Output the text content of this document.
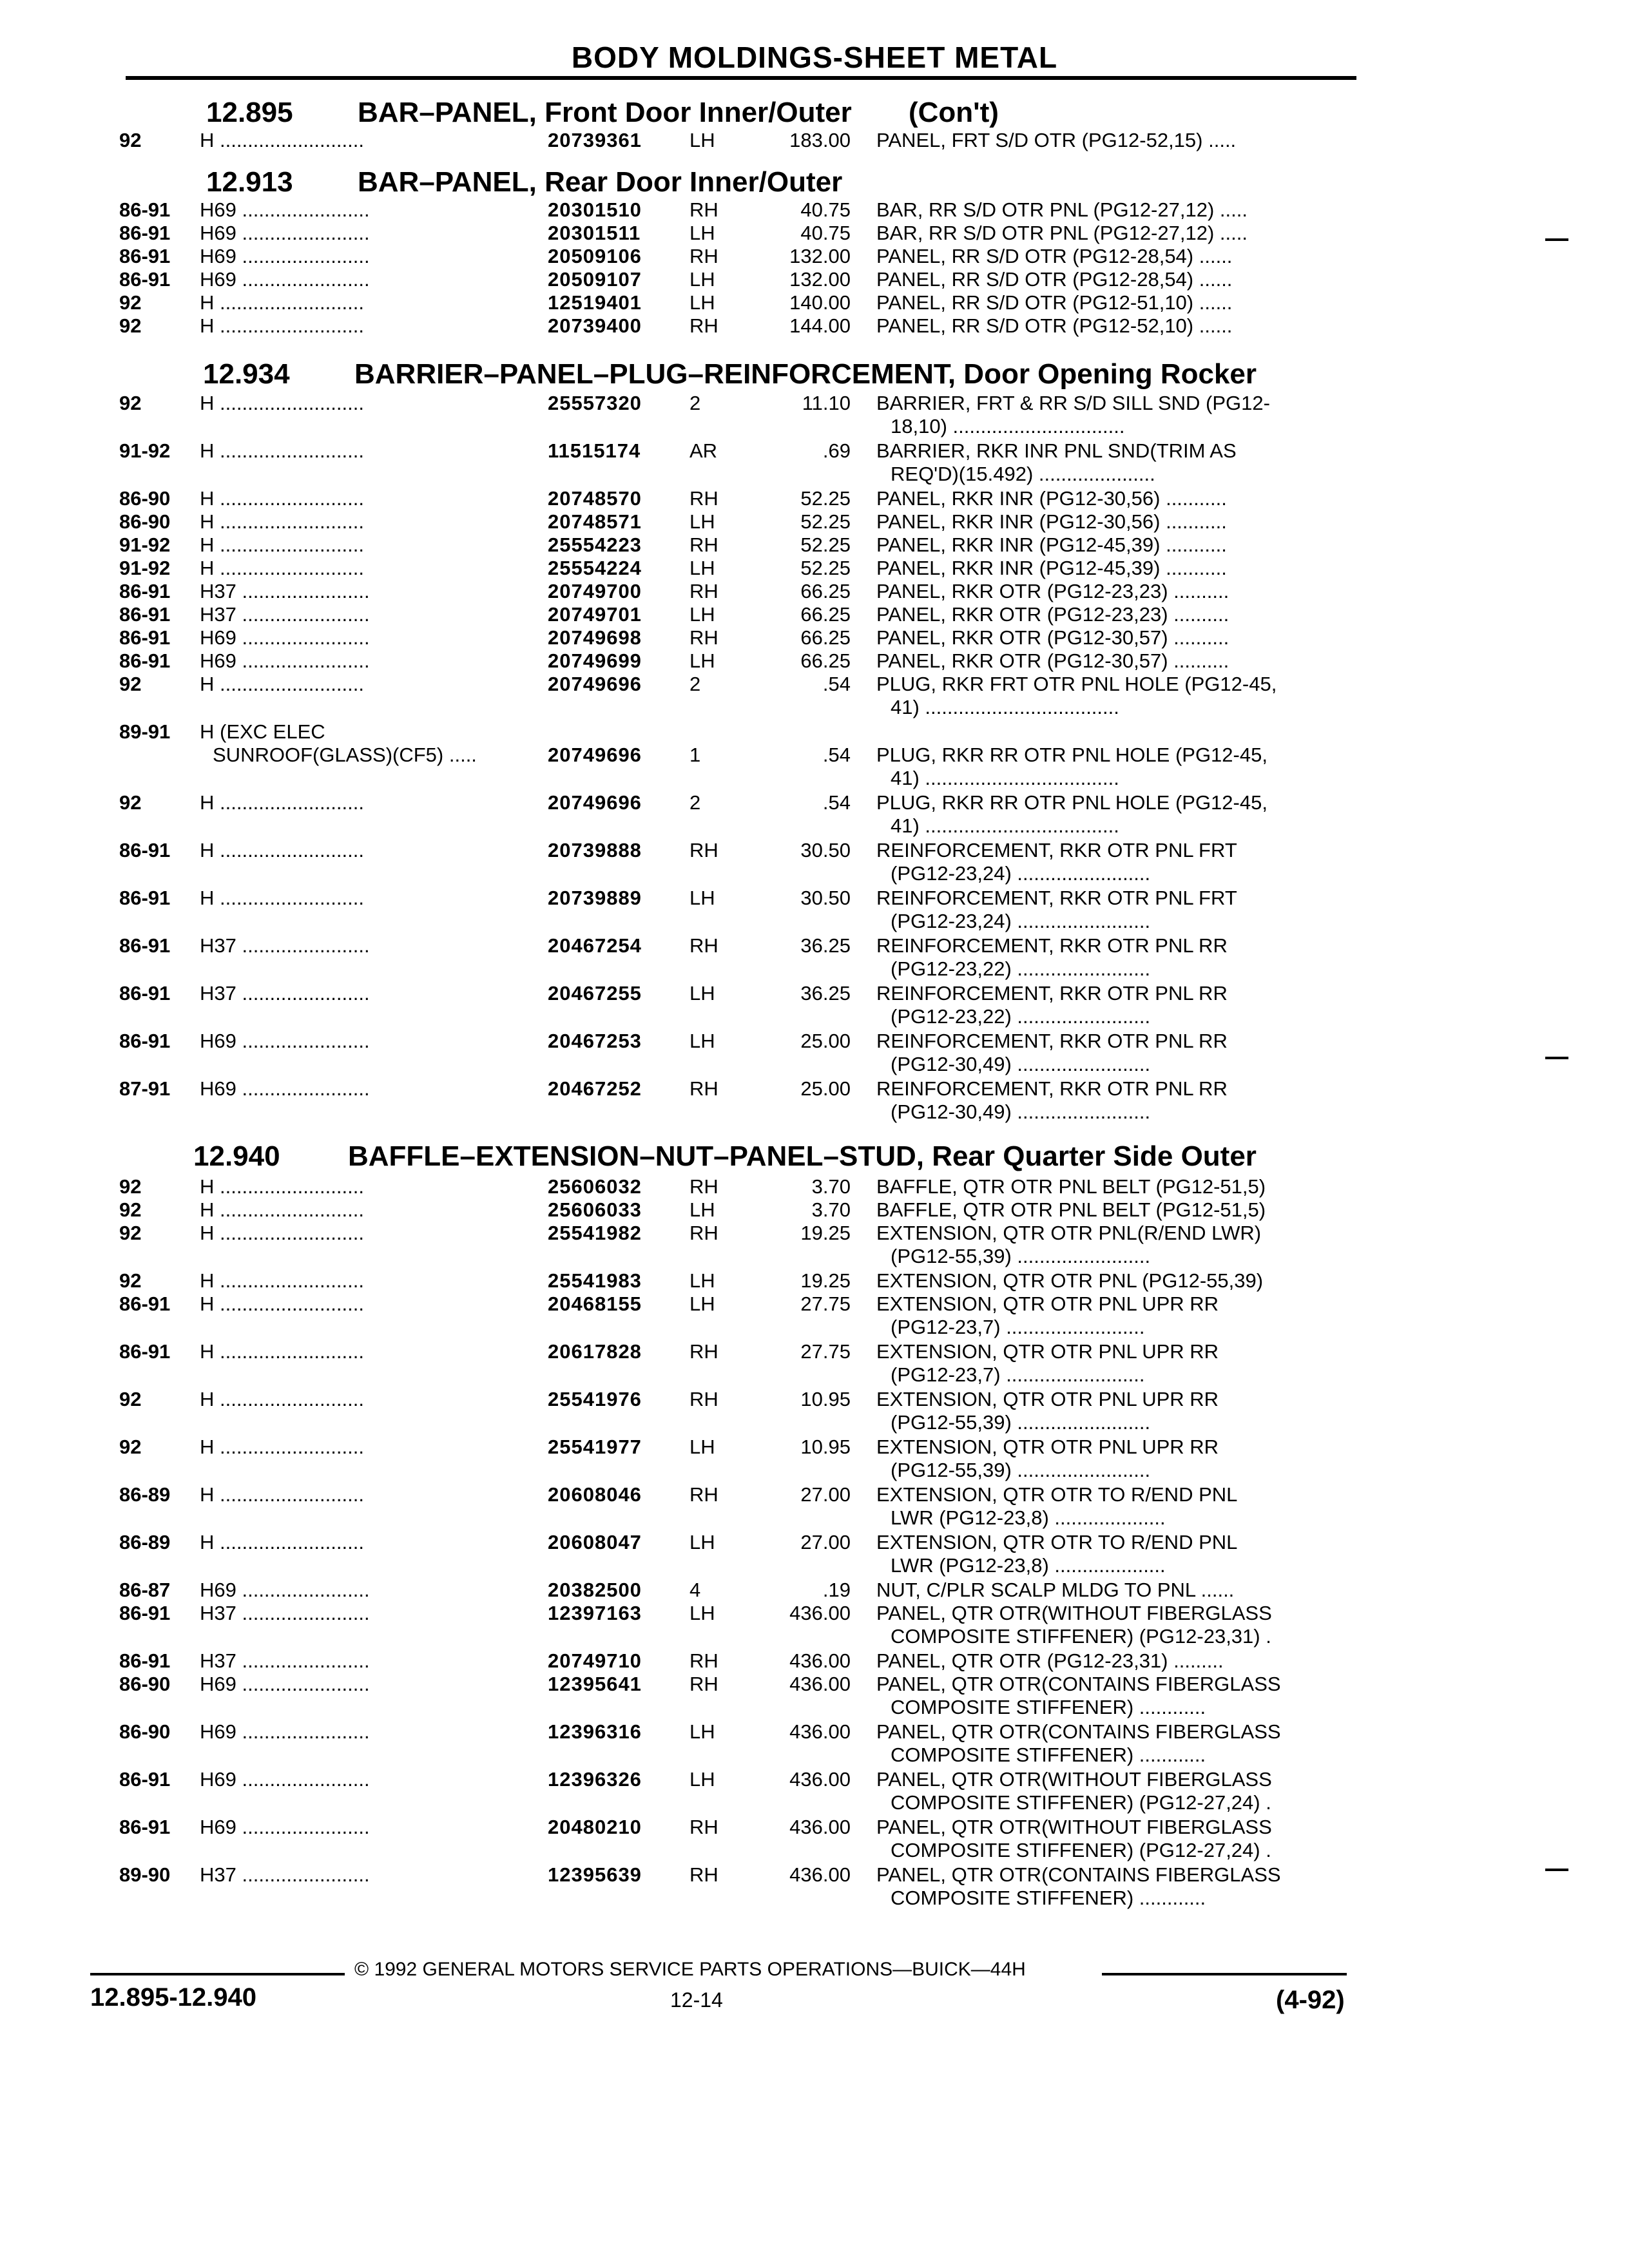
BODY MOLDINGS-SHEET METAL
12.895 BAR–PANEL, Front Door Inner/Outer (Con't)
92	H ..........................	20739361 LH	183.00 PANEL, FRT S/D OTR (PG12-52,15) .....
12.913 BAR–PANEL, Rear Door Inner/Outer
86-91 H69 .......................	20301510 RH	40.75 BAR, RR S/D OTR PNL (PG12-27,12) .....
86-91 H69 .......................	20301511 LH	40.75 BAR, RR S/D OTR PNL (PG12-27,12) .....
86-91 H69 .......................	20509106 RH	132.00 PANEL, RR S/D OTR (PG12-28,54) ......
86-91 H69 .......................	20509107 LH	132.00 PANEL, RR S/D OTR (PG12-28,54) ......
92	H ..........................	12519401 LH	140.00 PANEL, RR S/D OTR (PG12-51,10) ......
92	H ..........................	20739400 RH	144.00 PANEL, RR S/D OTR (PG12-52,10) ......
12.934 BARRIER–PANEL–PLUG–REINFORCEMENT, Door Opening Rocker
92	H ..........................	25557320 2	11.10 BARRIER, FRT & RR S/D SILL SND (PG12-
18,10) ...............................
91-92 H ..........................	11515174 AR	.69 BARRIER, RKR INR PNL SND(TRIM AS
REQ'D)(15.492) .....................
86-90 H ..........................	20748570 RH	52.25 PANEL, RKR INR (PG12-30,56) ...........
86-90 H ..........................	20748571 LH	52.25 PANEL, RKR INR (PG12-30,56) ...........
91-92 H ..........................	25554223 RH	52.25 PANEL, RKR INR (PG12-45,39) ...........
91-92 H ..........................	25554224 LH	52.25 PANEL, RKR INR (PG12-45,39) ...........
86-91 H37 .......................	20749700 RH	66.25 PANEL, RKR OTR (PG12-23,23) ..........
86-91 H37 .......................	20749701 LH	66.25 PANEL, RKR OTR (PG12-23,23) ..........
86-91 H69 .......................	20749698 RH	66.25 PANEL, RKR OTR (PG12-30,57) ..........
86-91 H69 .......................	20749699 LH	66.25 PANEL, RKR OTR (PG12-30,57) ..........
92	H ..........................	20749696 2	.54 PLUG, RKR FRT OTR PNL HOLE (PG12-45,
41) ...................................
89-91 H (EXC ELEC
SUNROOF(GLASS)(CF5) .....	20749696 1	.54 PLUG, RKR RR OTR PNL HOLE (PG12-45,
41) ...................................
92	H ..........................	20749696 2	.54 PLUG, RKR RR OTR PNL HOLE (PG12-45,
41) ...................................
86-91 H ..........................	20739888 RH	30.50 REINFORCEMENT, RKR OTR PNL FRT
(PG12-23,24) ........................
86-91 H ..........................	20739889 LH	30.50 REINFORCEMENT, RKR OTR PNL FRT
(PG12-23,24) ........................
86-91 H37 .......................	20467254 RH	36.25 REINFORCEMENT, RKR OTR PNL RR
(PG12-23,22) ........................
86-91 H37 .......................	20467255 LH	36.25 REINFORCEMENT, RKR OTR PNL RR
(PG12-23,22) ........................
86-91 H69 .......................	20467253 LH	25.00 REINFORCEMENT, RKR OTR PNL RR
(PG12-30,49) ........................
87-91 H69 .......................	20467252 RH	25.00 REINFORCEMENT, RKR OTR PNL RR
(PG12-30,49) ........................
12.940 BAFFLE–EXTENSION–NUT–PANEL–STUD, Rear Quarter Side Outer
92	H ..........................	25606032 RH	3.70 BAFFLE, QTR OTR PNL BELT (PG12-51,5)
92	H ..........................	25606033 LH	3.70 BAFFLE, QTR OTR PNL BELT (PG12-51,5)
92	H ..........................	25541982 RH	19.25 EXTENSION, QTR OTR PNL(R/END LWR)
(PG12-55,39) ........................
92	H ..........................	25541983 LH	19.25 EXTENSION, QTR OTR PNL (PG12-55,39)
86-91 H ..........................	20468155 LH	27.75 EXTENSION, QTR OTR PNL UPR RR
(PG12-23,7) .........................
86-91 H ..........................	20617828 RH	27.75 EXTENSION, QTR OTR PNL UPR RR
(PG12-23,7) .........................
92	H ..........................	25541976 RH	10.95 EXTENSION, QTR OTR PNL UPR RR
(PG12-55,39) ........................
92	H ..........................	25541977 LH	10.95 EXTENSION, QTR OTR PNL UPR RR
(PG12-55,39) ........................
86-89 H ..........................	20608046 RH	27.00 EXTENSION, QTR OTR TO R/END PNL
LWR (PG12-23,8) ....................
86-89 H ..........................	20608047 LH	27.00 EXTENSION, QTR OTR TO R/END PNL
LWR (PG12-23,8) ....................
86-87 H69 .......................	20382500 4	.19 NUT, C/PLR SCALP MLDG TO PNL ......
86-91 H37 .......................	12397163 LH	436.00 PANEL, QTR OTR(WITHOUT FIBERGLASS
COMPOSITE STIFFENER) (PG12-23,31) .
86-91 H37 .......................	20749710 RH	436.00 PANEL, QTR OTR (PG12-23,31) .........
86-90 H69 .......................	12395641 RH	436.00 PANEL, QTR OTR(CONTAINS FIBERGLASS
COMPOSITE STIFFENER) ............
86-90 H69 .......................	12396316 LH	436.00 PANEL, QTR OTR(CONTAINS FIBERGLASS
COMPOSITE STIFFENER) ............
86-91 H69 .......................	12396326 LH	436.00 PANEL, QTR OTR(WITHOUT FIBERGLASS
COMPOSITE STIFFENER) (PG12-27,24) .
86-91 H69 .......................	20480210 RH	436.00 PANEL, QTR OTR(WITHOUT FIBERGLASS
COMPOSITE STIFFENER) (PG12-27,24) .
89-90 H37 .......................	12395639 RH	436.00 PANEL, QTR OTR(CONTAINS FIBERGLASS
COMPOSITE STIFFENER) ............
© 1992 GENERAL MOTORS SERVICE PARTS OPERATIONS—BUICK—44H
12.895-12.940	12-14	(4-92)
